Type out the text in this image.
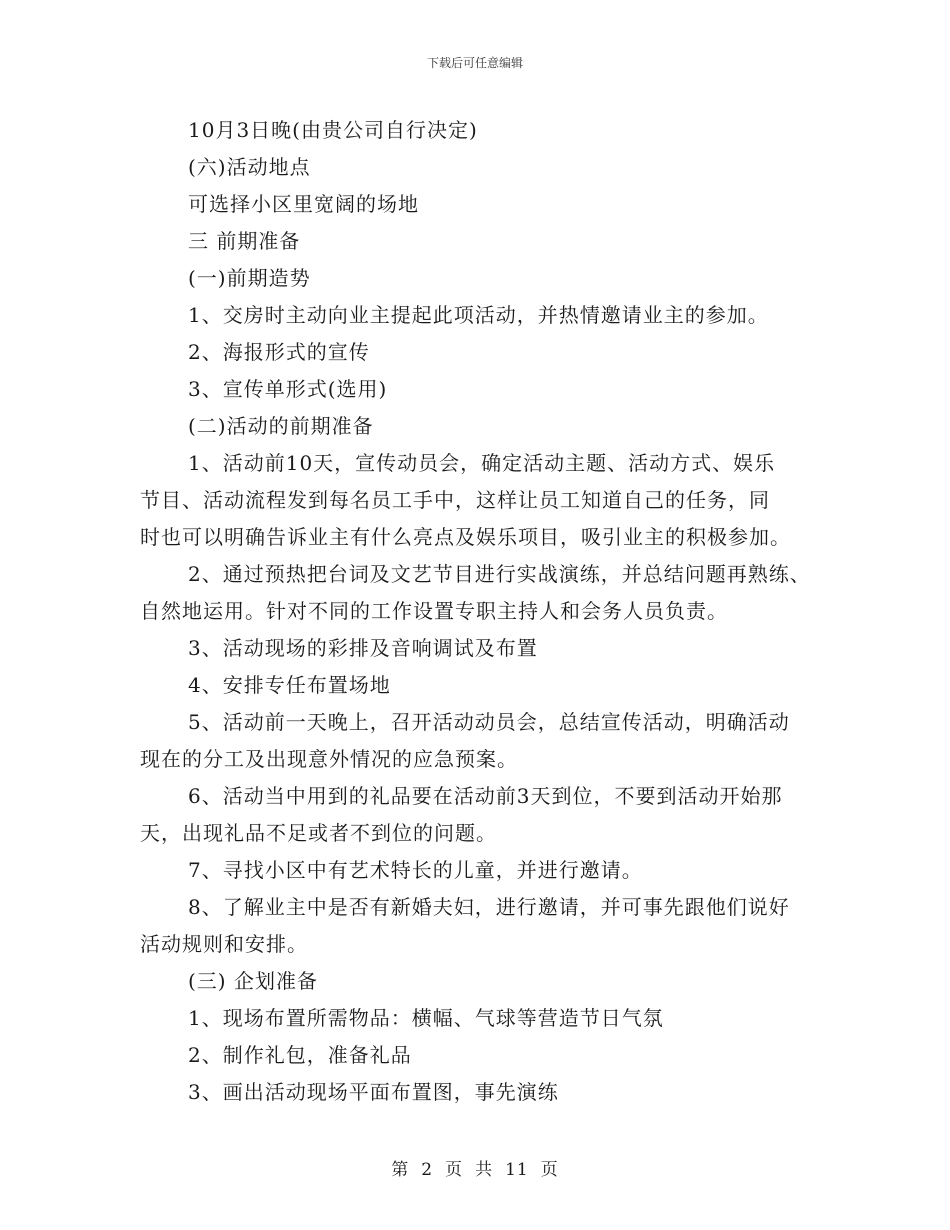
下载后可任意编辑

10月3日晚(由贵公司自行决定)

(六)活动地点

可选择小区里宽阔的场地

三 前期准备

(一)前期造势

1、交房时主动向业主提起此项活动，并热情邀请业主的参加。

2、海报形式的宣传

3、宣传单形式(选用)

(二)活动的前期准备

1、活动前10天，宣传动员会，确定活动主题、活动方式、娱乐

节目、活动流程发到每名员工手中，这样让员工知道自己的任务，同

时也可以明确告诉业主有什么亮点及娱乐项目，吸引业主的积极参加。

2、通过预热把台词及文艺节目进行实战演练，并总结问题再熟练、

自然地运用。针对不同的工作设置专职主持人和会务人员负责。

3、活动现场的彩排及音响调试及布置

4、安排专任布置场地

5、活动前一天晚上，召开活动动员会，总结宣传活动，明确活动

现在的分工及出现意外情况的应急预案。

6、活动当中用到的礼品要在活动前3天到位，不要到活动开始那

天，出现礼品不足或者不到位的问题。

7、寻找小区中有艺术特长的儿童，并进行邀请。

8、了解业主中是否有新婚夫妇，进行邀请，并可事先跟他们说好

活动规则和安排。

(三) 企划准备

1、现场布置所需物品：横幅、气球等营造节日气氛

2、制作礼包，准备礼品

3、画出活动现场平面布置图，事先演练

第 2 页 共 11 页
